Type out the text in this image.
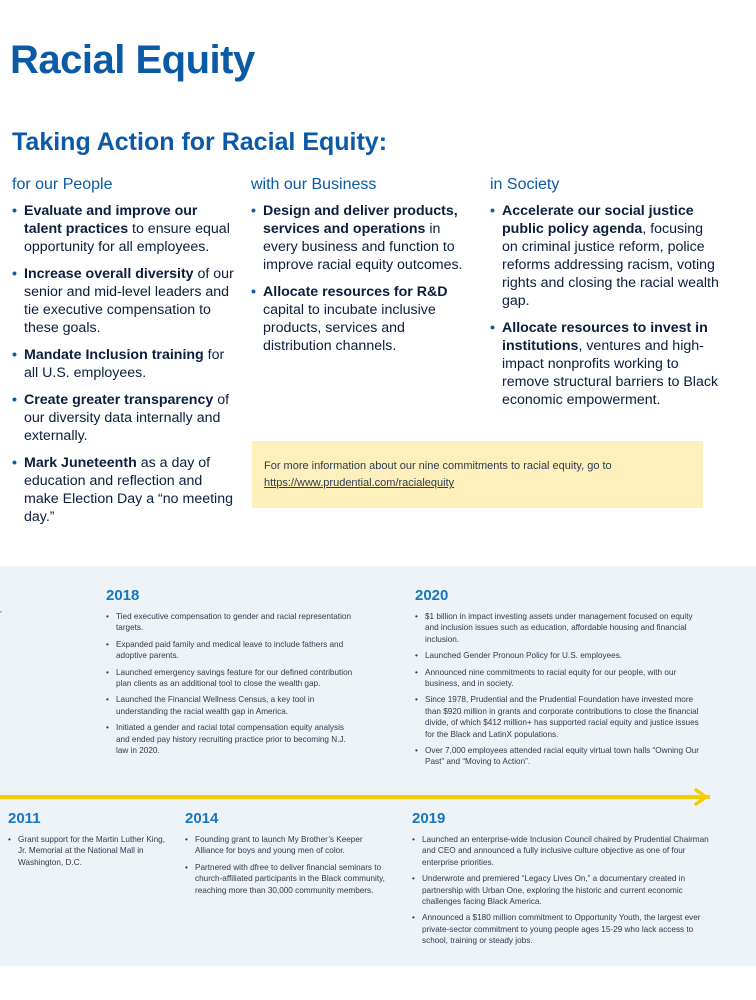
Racial Equity
Taking Action for Racial Equity:
for our People
• Evaluate and improve our talent practices to ensure equal opportunity for all employees.
• Increase overall diversity of our senior and mid-level leaders and tie executive compensation to these goals.
• Mandate Inclusion training for all U.S. employees.
• Create greater transparency of our diversity data internally and externally.
• Mark Juneteenth as a day of education and reflection and make Election Day a “no meeting day.”
with our Business
• Design and deliver products, services and operations in every business and function to improve racial equity outcomes.
• Allocate resources for R&D capital to incubate inclusive products, services and distribution channels.
in Society
• Accelerate our social justice public policy agenda, focusing on criminal justice reform, police reforms addressing racism, voting rights and closing the racial wealth gap.
• Allocate resources to invest in institutions, ventures and high-impact nonprofits working to remove structural barriers to Black economic empowerment.
For more information about our nine commitments to racial equity, go to
https://www.prudential.com/racialequity
2018
• Tied executive compensation to gender and racial representation targets.
• Expanded paid family and medical leave to include fathers and adoptive parents.
• Launched emergency savings feature for our defined contribution plan clients as an additional tool to close the wealth gap.
• Launched the Financial Wellness Census, a key tool in understanding the racial wealth gap in America.
• Initiated a gender and racial total compensation equity analysis and ended pay history recruiting practice prior to becoming N.J. law in 2020.
2020
• $1 billion in impact investing assets under management focused on equity and inclusion issues such as education, affordable housing and financial inclusion.
• Launched Gender Pronoun Policy for U.S. employees.
• Announced nine commitments to racial equity for our people, with our business, and in society.
• Since 1978, Prudential and the Prudential Foundation have invested more than $920 million in grants and corporate contributions to close the financial divide, of which $412 million+ has supported racial equity and justice issues for the Black and LatinX populations.
• Over 7,000 employees attended racial equity virtual town halls “Owning Our Past” and “Moving to Action”.
2011
• Grant support for the Martin Luther King, Jr. Memorial at the National Mall in Washington, D.C.
2014
• Founding grant to launch My Brother’s Keeper Alliance for boys and young men of color.
• Partnered with dfree to deliver financial seminars to church-affiliated participants in the Black community, reaching more than 30,000 community members.
2019
• Launched an enterprise-wide Inclusion Council chaired by Prudential Chairman and CEO and announced a fully inclusive culture objective as one of four enterprise priorities.
• Underwrote and premiered “Legacy Lives On,” a documentary created in partnership with Urban One, exploring the historic and current economic challenges facing Black America.
• Announced a $180 million commitment to Opportunity Youth, the largest ever private-sector commitment to young people ages 15-29 who lack access to school, training or steady jobs.
